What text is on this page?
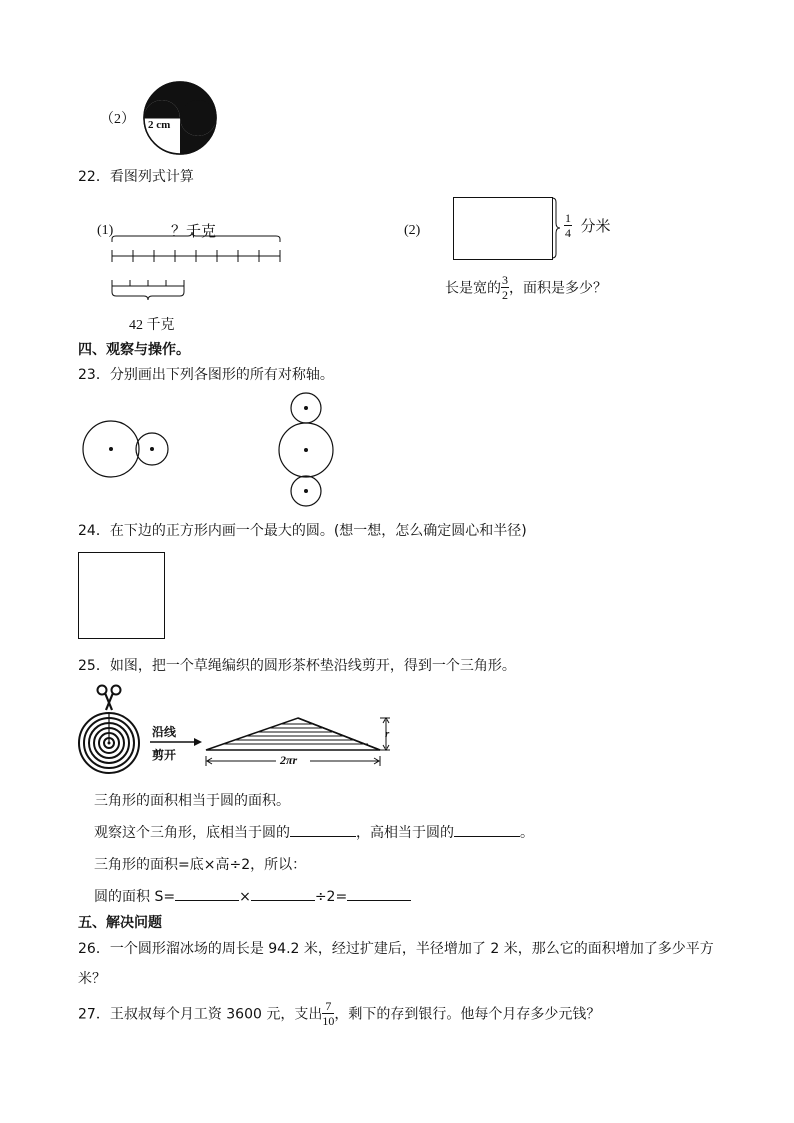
（2） 2 cm
22．看图列式计算
(1)	？千克
42 千克
(2)	$\frac{1}{4}$ 分米
长是宽的 $\frac{3}{2}$ ，面积是多少？
四、观察与操作。
23．分别画出下列各图形的所有对称轴。
24．在下边的正方形内画一个最大的圆。(想一想，怎么确定圆心和半径)
25．如图，把一个草绳编织的圆形茶杯垫沿线剪开，得到一个三角形。
沿线
剪开	2πr
r
三角形的面积相当于圆的面积。
观察这个三角形，底相当于圆的	，高相当于圆的	。
三角形的面积=底×高÷2，所以：
圆的面积 S=	×	÷2=
五、解决问题
26．一个圆形溜冰场的周长是 94.2 米，经过扩建后，半径增加了 2 米，那么它的面积增加了多少平方
米？
27．王叔叔每个月工资 3600 元，支出 $\frac{7}{10}$ ，剩下的存到银行。他每个月存多少元钱？
